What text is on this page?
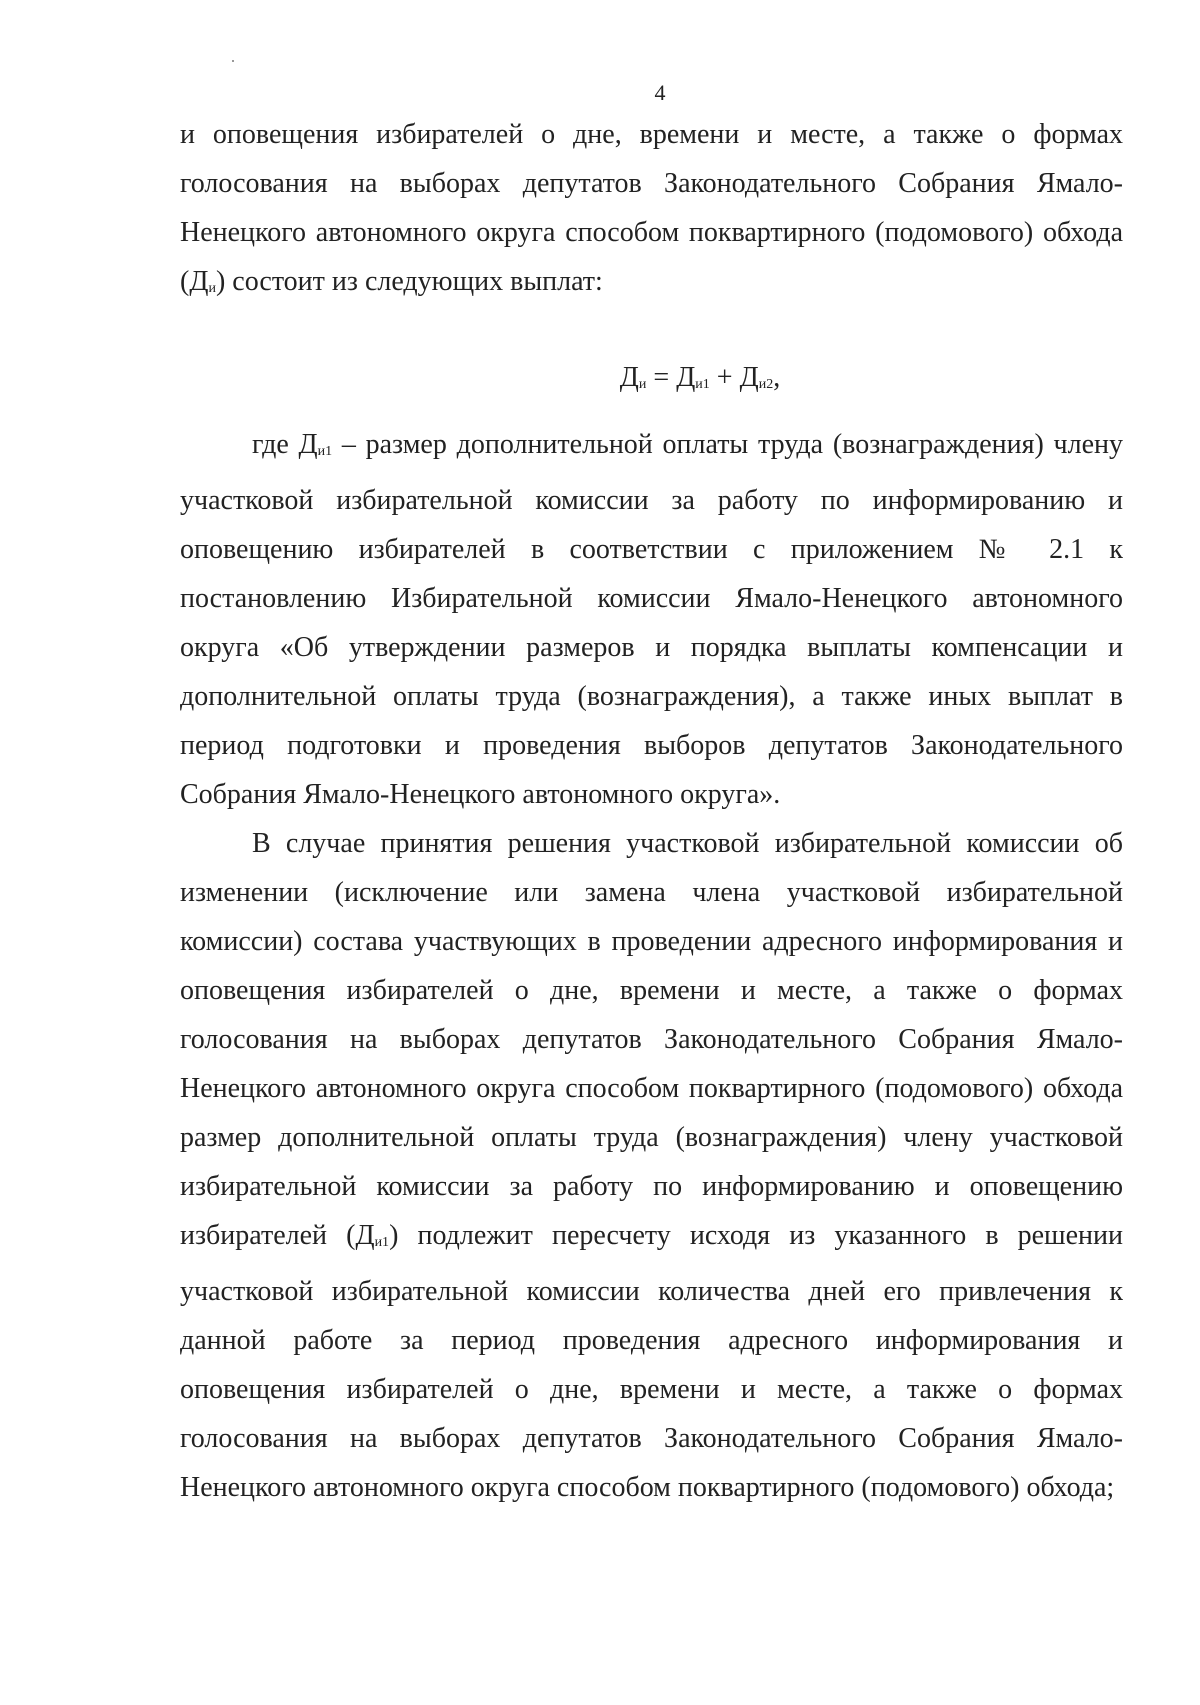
4

и оповещения избирателей о дне, времени и месте, а также о формах голосования на выборах депутатов Законодательного Собрания Ямало-Ненецкого автономного округа способом поквартирного (подомового) обхода $(Д_и)$ состоит из следующих выплат:

$Д_и = Д_{и1} + Д_{и2}$,

где $Д_{и1}$ – размер дополнительной оплаты труда (вознаграждения) члену участковой избирательной комиссии за работу по информированию и оповещению избирателей в соответствии с приложением № 2.1 к постановлению Избирательной комиссии Ямало-Ненецкого автономного округа «Об утверждении размеров и порядка выплаты компенсации и дополнительной оплаты труда (вознаграждения), а также иных выплат в период подготовки и проведения выборов депутатов Законодательного Собрания Ямало-Ненецкого автономного округа».

В случае принятия решения участковой избирательной комиссии об изменении (исключение или замена члена участковой избирательной комиссии) состава участвующих в проведении адресного информирования и оповещения избирателей о дне, времени и месте, а также о формах голосования на выборах депутатов Законодательного Собрания Ямало-Ненецкого автономного округа способом поквартирного (подомового) обхода размер дополнительной оплаты труда (вознаграждения) члену участковой избирательной комиссии за работу по информированию и оповещению избирателей $(Д_{и1})$ подлежит пересчету исходя из указанного в решении участковой избирательной комиссии количества дней его привлечения к данной работе за период проведения адресного информирования и оповещения избирателей о дне, времени и месте, а также о формах голосования на выборах депутатов Законодательного Собрания Ямало-Ненецкого автономного округа способом поквартирного (подомового) обхода;
